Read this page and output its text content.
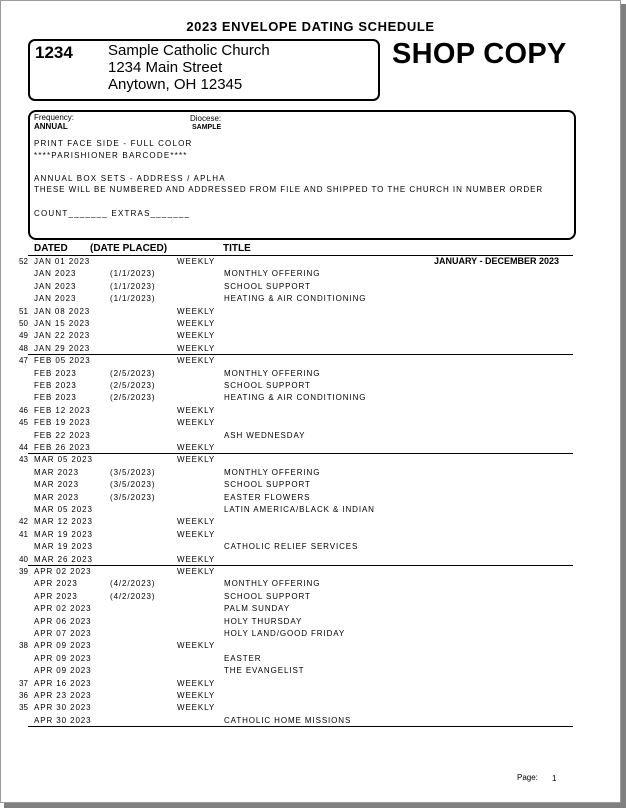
2023 ENVELOPE DATING SCHEDULE
1234 Sample Catholic Church
1234 Main Street
Anytown, OH 12345
SHOP COPY
Frequency:
ANNUAL
Diocese:
SAMPLE
PRINT FACE SIDE - FULL COLOR
****PARISHIONER BARCODE****
ANNUAL BOX SETS - ADDRESS / APLHA
THESE WILL BE NUMBERED AND ADDRESSED FROM FILE AND SHIPPED TO THE CHURCH IN NUMBER ORDER
COUNT_______ EXTRAS_______
DATED (DATE PLACED)	TITLE
JANUARY - DECEMBER 2023
52 JAN 01 2023	WEEKLY
JAN 2023	(1/1/2023)	MONTHLY OFFERING
JAN 2023	(1/1/2023)	SCHOOL SUPPORT
JAN 2023	(1/1/2023)	HEATING & AIR CONDITIONING
51 JAN 08 2023	WEEKLY
50 JAN 15 2023	WEEKLY
49 JAN 22 2023	WEEKLY
48 JAN 29 2023	WEEKLY
47 FEB 05 2023	WEEKLY
FEB 2023	(2/5/2023)	MONTHLY OFFERING
FEB 2023	(2/5/2023)	SCHOOL SUPPORT
FEB 2023	(2/5/2023)	HEATING & AIR CONDITIONING
46 FEB 12 2023	WEEKLY
45 FEB 19 2023	WEEKLY
FEB 22 2023	ASH WEDNESDAY
44 FEB 26 2023	WEEKLY
43 MAR 05 2023	WEEKLY
MAR 2023	(3/5/2023)	MONTHLY OFFERING
MAR 2023	(3/5/2023)	SCHOOL SUPPORT
MAR 2023	(3/5/2023)	EASTER FLOWERS
MAR 05 2023	LATIN AMERICA/BLACK & INDIAN
42 MAR 12 2023	WEEKLY
41 MAR 19 2023	WEEKLY
MAR 19 2023	CATHOLIC RELIEF SERVICES
40 MAR 26 2023	WEEKLY
39 APR 02 2023	WEEKLY
APR 2023	(4/2/2023)	MONTHLY OFFERING
APR 2023	(4/2/2023)	SCHOOL SUPPORT
APR 02 2023	PALM SUNDAY
APR 06 2023	HOLY THURSDAY
APR 07 2023	HOLY LAND/GOOD FRIDAY
38 APR 09 2023	WEEKLY
APR 09 2023	EASTER
APR 09 2023	THE EVANGELIST
37 APR 16 2023	WEEKLY
36 APR 23 2023	WEEKLY
35 APR 30 2023	WEEKLY
APR 30 2023	CATHOLIC HOME MISSIONS
Page: 1
